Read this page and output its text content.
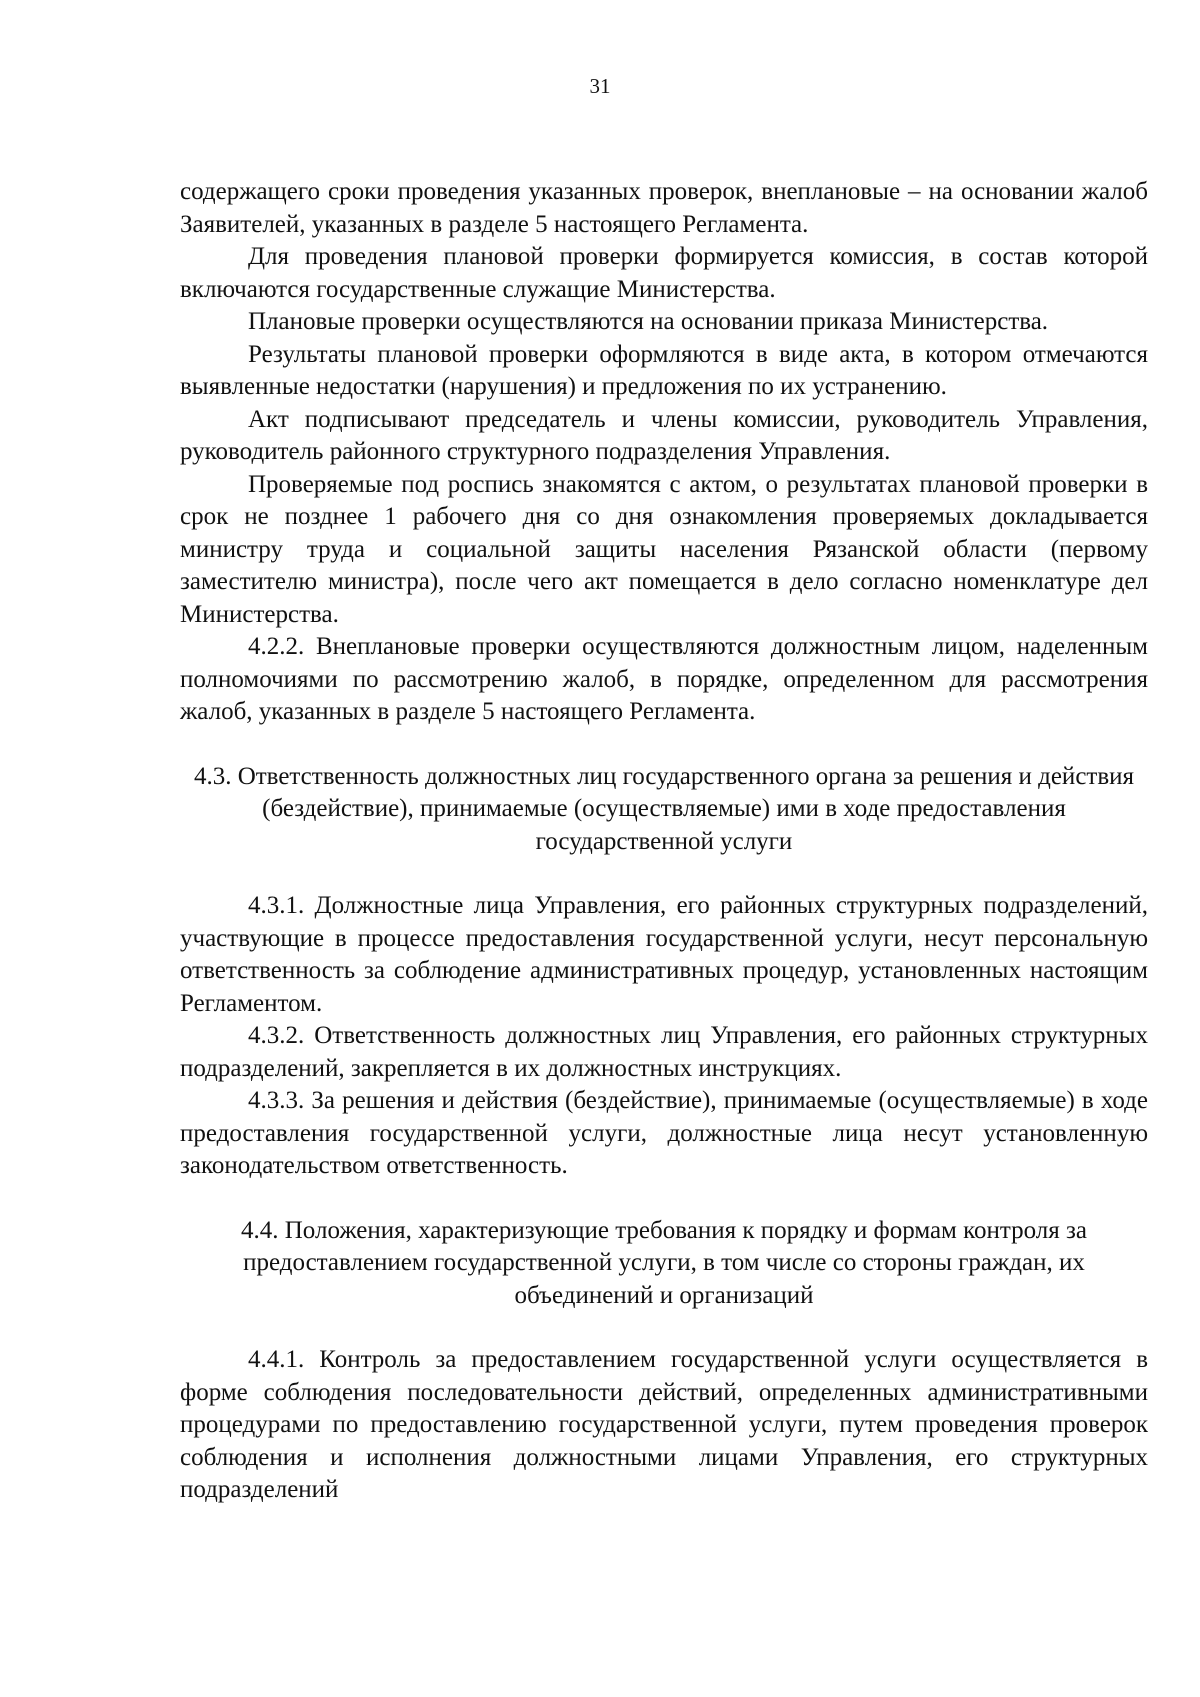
31

содержащего сроки проведения указанных проверок, внеплановые – на основании жалоб Заявителей, указанных в разделе 5 настоящего Регламента.

Для проведения плановой проверки формируется комиссия, в состав которой включаются государственные служащие Министерства.

Плановые проверки осуществляются на основании приказа Министерства.

Результаты плановой проверки оформляются в виде акта, в котором отмечаются выявленные недостатки (нарушения) и предложения по их устранению.

Акт подписывают председатель и члены комиссии, руководитель Управления, руководитель районного структурного подразделения Управления.

Проверяемые под роспись знакомятся с актом, о результатах плановой проверки в срок не позднее 1 рабочего дня со дня ознакомления проверяемых докладывается министру труда и социальной защиты населения Рязанской области (первому заместителю министра), после чего акт помещается в дело согласно номенклатуре дел Министерства.

4.2.2. Внеплановые проверки осуществляются должностным лицом, наделенным полномочиями по рассмотрению жалоб, в порядке, определенном для рассмотрения жалоб, указанных в разделе 5 настоящего Регламента.

4.3. Ответственность должностных лиц государственного органа за решения и действия (бездействие), принимаемые (осуществляемые) ими в ходе предоставления государственной услуги

4.3.1. Должностные лица Управления, его районных структурных подразделений, участвующие в процессе предоставления государственной услуги, несут персональную ответственность за соблюдение административных процедур, установленных настоящим Регламентом.

4.3.2. Ответственность должностных лиц Управления, его районных структурных подразделений, закрепляется в их должностных инструкциях.

4.3.3. За решения и действия (бездействие), принимаемые (осуществляемые) в ходе предоставления государственной услуги, должностные лица несут установленную законодательством ответственность.

4.4. Положения, характеризующие требования к порядку и формам контроля за предоставлением государственной услуги, в том числе со стороны граждан, их объединений и организаций

4.4.1. Контроль за предоставлением государственной услуги осуществляется в форме соблюдения последовательности действий, определенных административными процедурами по предоставлению государственной услуги, путем проведения проверок соблюдения и исполнения должностными лицами Управления, его структурных подразделений
